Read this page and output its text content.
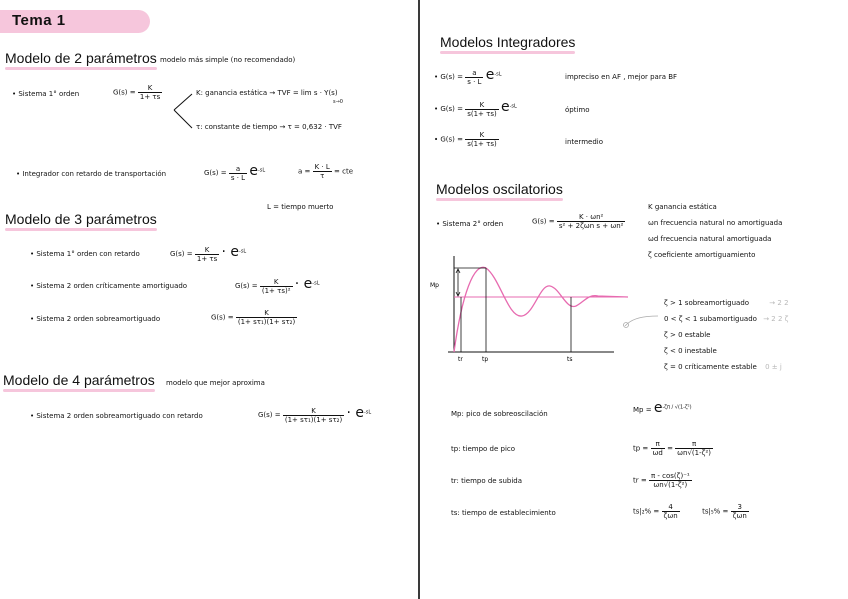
Tema 1
Modelo de 2 parámetros modelo más simple (no recomendado)
• Sistema 1° orden	$G(s) = \frac{K}{1+ \tau s}$	K: ganancia estática → TVF = lim s · Y(s)
s→0
τ: constante de tiempo → τ = 0,632 · TVF
• Integrador con retardo de transportación	$G(s) = \frac{a}{s \cdot L} e^{-sL}$	$a = \frac{K \cdot L}{\tau}$ = cte
L = tiempo muerto
Modelo de 3 parámetros
• Sistema 1° orden con retardo	$G(s) = \frac{K}{1+ \tau s} \cdot e^{-sL}$
• Sistema 2 orden críticamente amortiguado	$G(s) = \frac{K}{\text{(1+ τs)²}} \cdot e^{-sL}$
• Sistema 2 orden sobreamortiguado	$G(s) = \frac{K}{\text{(1+ sτ₁)(1+ sτ₂)}}$
Modelo de 4 parámetros modelo que mejor aproxima
• Sistema 2 orden sobreamortiguado con retardo	$G(s) = \frac{K}{\text{(1+ sτ₁)(1+ sτ₂)}} \cdot e^{-sL}$
Modelos Integradores
• $G(s) = \frac{a}{s \cdot L} e^{-sL}$	impreciso en AF , mejor para BF
• $G(s) = \frac{K}{s(1+ \tau s)} e^{-sL}$	óptimo
• $G(s) = \frac{K}{s(1+ \tau s)}$	intermedio
Modelos oscilatorios
• Sistema 2° orden	$G(s) = \frac{\text{K · ωn²}}{\text{s² + 2ζωn s + ωn²}}$
K ganancia estática
ωn frecuencia natural no amortiguada
ωd frecuencia natural amortiguada
ζ coeficiente amortiguamiento
Mp
tr	tp	ts
ζ > 1 sobreamortiguado	→ 2 2
0 < ζ < 1 subamortiguado → 2 2 ζ
ζ > 0 estable
ζ < 0 inestable
ζ = 0 críticamente estable 0 ± j
Mp: pico de sobreoscilación	$Mp = e^{-\zeta\pi / √(1-\zeta^2)}$
tp: tiempo de pico	tp = $\frac{\pi}{\omega d} = \frac{\pi}{\text{ωn√(1-ζ²)}}$
tr: tiempo de subida	tr = $\frac{\text{π - cos(ζ)⁻¹}}{\text{ωn√(1-ζ²)}}$
ts: tiempo de establecimiento	$ts|_2\% = \frac{4}{\text{ζωn}}$	$ts|_5\% = \frac{3}{\text{ζωn}}$
